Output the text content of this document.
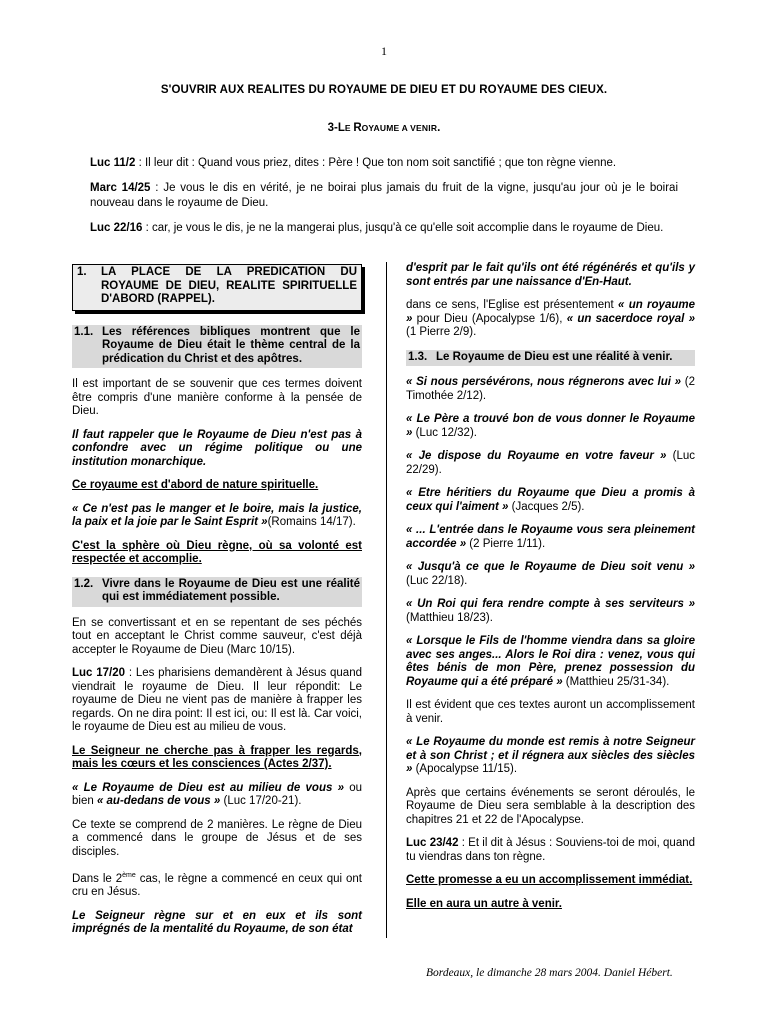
1
S'OUVRIR AUX REALITES DU ROYAUME DE DIEU ET DU ROYAUME DES CIEUX.
3-LE ROYAUME A VENIR.

Luc 11/2 : Il leur dit : Quand vous priez, dites : Père ! Que ton nom soit sanctifié ; que ton règne vienne.

Marc 14/25 : Je vous le dis en vérité, je ne boirai plus jamais du fruit de la vigne, jusqu'au jour où je le boirai nouveau dans le royaume de Dieu.

Luc 22/16 : car, je vous le dis, je ne la mangerai plus, jusqu'à ce qu'elle soit accomplie dans le royaume de Dieu.

1.	LA PLACE DE LA PREDICATION DU ROYAUME DE DIEU, REALITE SPIRITUELLE D'ABORD (RAPPEL).
1.1. Les références bibliques montrent que le Royaume de Dieu était le thème central de la prédication du Christ et des apôtres.

Il est important de se souvenir que ces termes doivent être compris d'une manière conforme à la pensée de Dieu.

Il faut rappeler que le Royaume de Dieu n'est pas à confondre avec un régime politique ou une institution monarchique.

Ce royaume est d'abord de nature spirituelle.

« Ce n'est pas le manger et le boire, mais la justice, la paix et la joie par le Saint Esprit »(Romains 14/17).

C'est la sphère où Dieu règne, où sa volonté est respectée et accomplie.

1.2. Vivre dans le Royaume de Dieu est une réalité qui est immédiatement possible.

En se convertissant et en se repentant de ses péchés tout en acceptant le Christ comme sauveur, c'est déjà accepter le Royaume de Dieu (Marc 10/15).

Luc 17/20 : Les pharisiens demandèrent à Jésus quand viendrait le royaume de Dieu. Il leur répondit: Le royaume de Dieu ne vient pas de manière à frapper les regards. On ne dira point: Il est ici, ou: Il est là. Car voici, le royaume de Dieu est au milieu de vous.

Le Seigneur ne cherche pas à frapper les regards, mais les cœurs et les consciences (Actes 2/37).

« Le Royaume de Dieu est au milieu de vous » ou bien « au-dedans de vous » (Luc 17/20-21).

Ce texte se comprend de 2 manières. Le règne de Dieu a commencé dans le groupe de Jésus et de ses disciples.

Dans le 2ème cas, le règne a commencé en ceux qui ont cru en Jésus.

Le Seigneur règne sur et en eux et ils sont imprégnés de la mentalité du Royaume, de son état

d'esprit par le fait qu'ils ont été régénérés et qu'ils y sont entrés par une naissance d'En-Haut.

dans ce sens, l'Eglise est présentement « un royaume » pour Dieu (Apocalypse 1/6), « un sacerdoce royal » (1 Pierre 2/9).

1.3. Le Royaume de Dieu est une réalité à venir.

« Si nous persévérons, nous régnerons avec lui » (2 Timothée 2/12).

« Le Père a trouvé bon de vous donner le Royaume » (Luc 12/32).

« Je dispose du Royaume en votre faveur » (Luc 22/29).

« Etre héritiers du Royaume que Dieu a promis à ceux qui l'aiment » (Jacques 2/5).

« ... L'entrée dans le Royaume vous sera pleinement accordée » (2 Pierre 1/11).

« Jusqu'à ce que le Royaume de Dieu soit venu » (Luc 22/18).

« Un Roi qui fera rendre compte à ses serviteurs » (Matthieu 18/23).

« Lorsque le Fils de l'homme viendra dans sa gloire avec ses anges... Alors le Roi dira : venez, vous qui êtes bénis de mon Père, prenez possession du Royaume qui a été préparé » (Matthieu 25/31-34).

Il est évident que ces textes auront un accomplissement à venir.

« Le Royaume du monde est remis à notre Seigneur et à son Christ ; et il régnera aux siècles des siècles » (Apocalypse 11/15).

Après que certains événements se seront déroulés, le Royaume de Dieu sera semblable à la description des chapitres 21 et 22 de l'Apocalypse.

Luc 23/42 : Et il dit à Jésus : Souviens-toi de moi, quand tu viendras dans ton règne.

Cette promesse a eu un accomplissement immédiat.

Elle en aura un autre à venir.

Bordeaux, le dimanche 28 mars 2004. Daniel Hébert.
